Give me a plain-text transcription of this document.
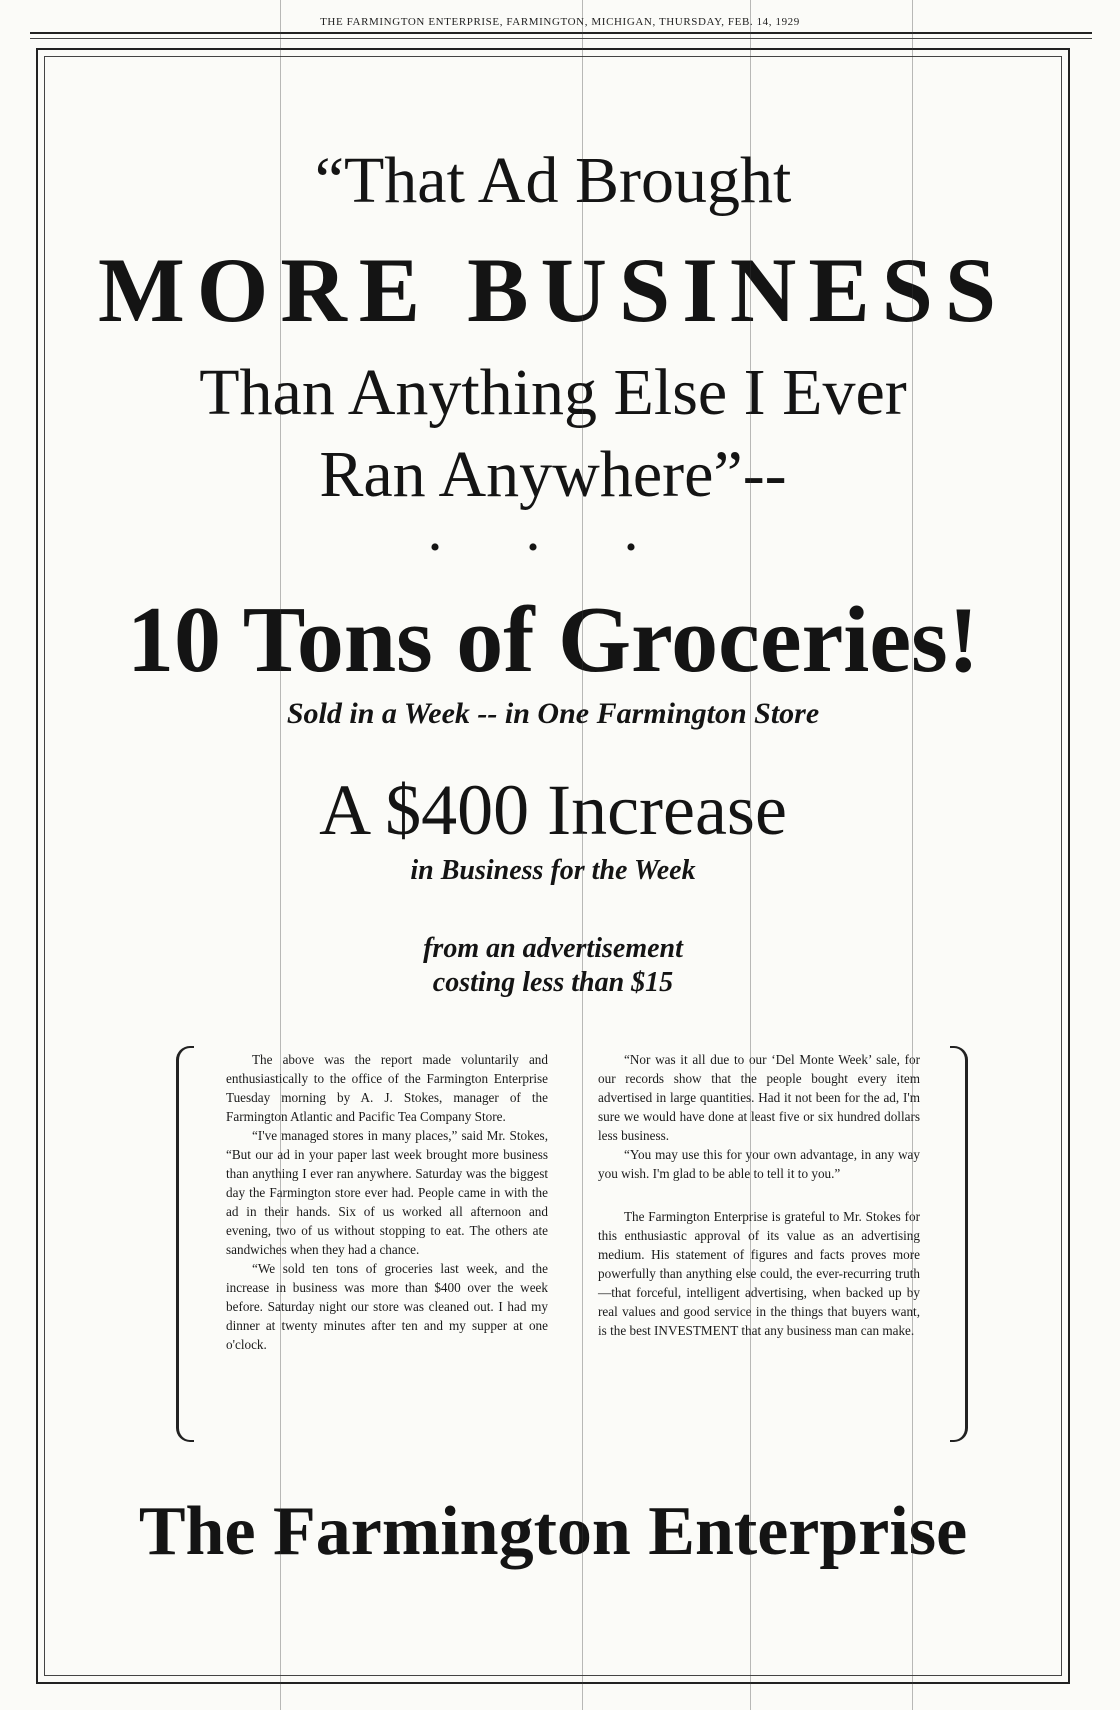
THE FARMINGTON ENTERPRISE, FARMINGTON, MICHIGAN, THURSDAY, FEB. 14, 1929
“That Ad Brought
MORE BUSINESS
Than Anything Else I Ever
Ran Anywhere”--
• • •
10 Tons of Groceries!
Sold in a Week -- in One Farmington Store
A $400 Increase
in Business for the Week
from an advertisement
costing less than $15

The above was the report made voluntarily and enthusiastically to the office of the Farmington Enterprise Tuesday morning by A. J. Stokes, manager of the Farmington Atlantic and Pacific Tea Company Store.

“I've managed stores in many places,” said Mr. Stokes, “But our ad in your paper last week brought more business than anything I ever ran anywhere. Saturday was the biggest day the Farmington store ever had. People came in with the ad in their hands. Six of us worked all afternoon and evening, two of us without stopping to eat. The others ate sandwiches when they had a chance.

“We sold ten tons of groceries last week, and the increase in business was more than $400 over the week before. Saturday night our store was cleaned out. I had my dinner at twenty minutes after ten and my supper at one o'clock.

“Nor was it all due to our ‘Del Monte Week’ sale, for our records show that the people bought every item advertised in large quantities. Had it not been for the ad, I'm sure we would have done at least five or six hundred dollars less business.

“You may use this for your own advantage, in any way you wish. I'm glad to be able to tell it to you.”

The Farmington Enterprise is grateful to Mr. Stokes for this enthusiastic approval of its value as an advertising medium. His statement of figures and facts proves more powerfully than anything else could, the ever-recurring truth—that forceful, intelligent advertising, when backed up by real values and good service in the things that buyers want, is the best INVESTMENT that any business man can make.

The Farmington Enterprise
